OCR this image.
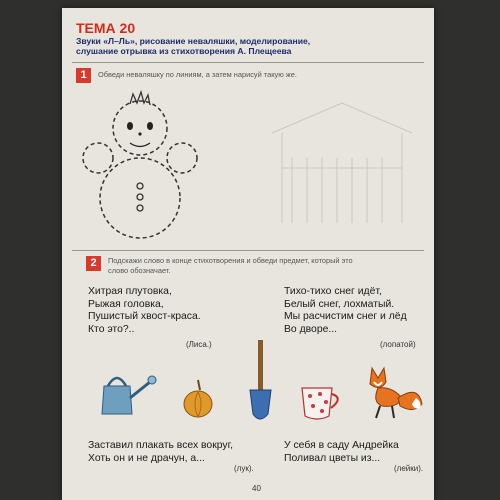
ТЕМА 20
Звуки «Л–Ль», рисование неваляшки, моделирование,
слушание отрывка из стихотворения А. Плещеева
1	Обведи неваляшку по линиям, а затем нарисуй такую же.
2	Подскажи слово в конце стихотворения и обведи предмет, который это
слово обозначает.
Хитрая плутовка,
Рыжая головка,
Пушистый хвост-краса.
Кто это?..
(Лиса.)
Тихо-тихо снег идёт,
Белый снег, лохматый.
Мы расчистим снег и лёд
Во дворе...
(лопатой)
Заставил плакать всех вокруг,
Хоть он и не драчун, а...
(лук).
У себя в саду Андрейка
Поливал цветы из...
(лейки).
40
